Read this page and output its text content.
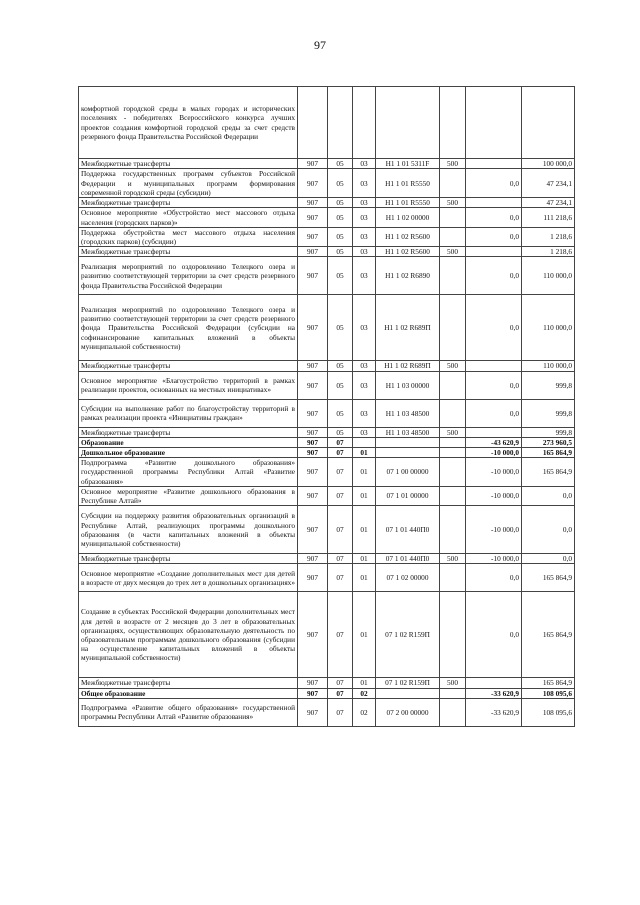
97
комфортной городской среды в малых городах и исторических поселениях - победителях Всероссийского конкурса лучших проектов создания комфортной городской среды за счет средств резервного фонда Правительства Российской Федерации							
Межбюджетные трансферты	907	05	03	H1 1 01 5311F	500		100 000,0
Поддержка государственных программ субъектов Российской Федерации и муниципальных программ формирования современной городской среды (субсидии)	907	05	03	H1 1 01 R5550		0,0	47 234,1
Межбюджетные трансферты	907	05	03	H1 1 01 R5550	500		47 234,1
Основное мероприятие «Обустройство мест массового отдыха населения (городских парков)»	907	05	03	H1 1 02 00000		0,0	111 218,6
Поддержка обустройства мест массового отдыха населения (городских парков) (субсидии)	907	05	03	H1 1 02 R5600		0,0	1 218,6
Межбюджетные трансферты	907	05	03	H1 1 02 R5600	500		1 218,6
Реализация мероприятий по оздоровлению Телецкого озера и развитию соответствующей территории за счет средств резервного фонда Правительства Российской Федерации	907	05	03	H1 1 02 R6890		0,0	110 000,0
Реализация мероприятий по оздоровлению Телецкого озера и развитию соответствующей территории за счет средств резервного фонда Правительства Российской Федерации (субсидии на софинансирование капитальных вложений в объекты муниципальной собственности)	907	05	03	H1 1 02 R689П		0,0	110 000,0
Межбюджетные трансферты	907	05	03	H1 1 02 R689П	500		110 000,0
Основное мероприятие «Благоустройство территорий в рамках реализации проектов, основанных на местных инициативах»	907	05	03	H1 1 03 00000		0,0	999,8
Субсидии на выполнение работ по благоустройству территорий в рамках реализации проекта «Инициативы граждан»	907	05	03	H1 1 03 48500		0,0	999,8
Межбюджетные трансферты	907	05	03	H1 1 03 48500	500		999,8
Образование	907	07				-43 620,9	273 960,5
Дошкольное образование	907	07	01			-10 000,0	165 864,9
Подпрограмма «Развитие дошкольного образования» государственной программы Республики Алтай «Развитие образования»	907	07	01	07 1 00 00000		-10 000,0	165 864,9
Основное мероприятие «Развитие дошкольного образования в Республике Алтай»	907	07	01	07 1 01 00000		-10 000,0	0,0
Субсидии на поддержку развития образовательных организаций в Республике Алтай, реализующих программы дошкольного образования (в части капитальных вложений в объекты муниципальной собственности)	907	07	01	07 1 01 440П0		-10 000,0	0,0
Межбюджетные трансферты	907	07	01	07 1 01 440П0	500	-10 000,0	0,0
Основное мероприятие «Создание дополнительных мест для детей в возрасте от двух месяцев до трех лет в дошкольных организациях»	907	07	01	07 1 02 00000		0,0	165 864,9
Создание в субъектах Российской Федерации дополнительных мест для детей в возрасте от 2 месяцев до 3 лет в образовательных организациях, осуществляющих образовательную деятельность по образовательным программам дошкольного образования (субсидии на осуществление капитальных вложений в объекты муниципальной собственности)	907	07	01	07 1 02 R159П		0,0	165 864,9
Межбюджетные трансферты	907	07	01	07 1 02 R159П	500		165 864,9
Общее образование	907	07	02			-33 620,9	108 095,6
Подпрограмма «Развитие общего образования» государственной программы Республики Алтай «Развитие образования»	907	07	02	07 2 00 00000		-33 620,9	108 095,6
